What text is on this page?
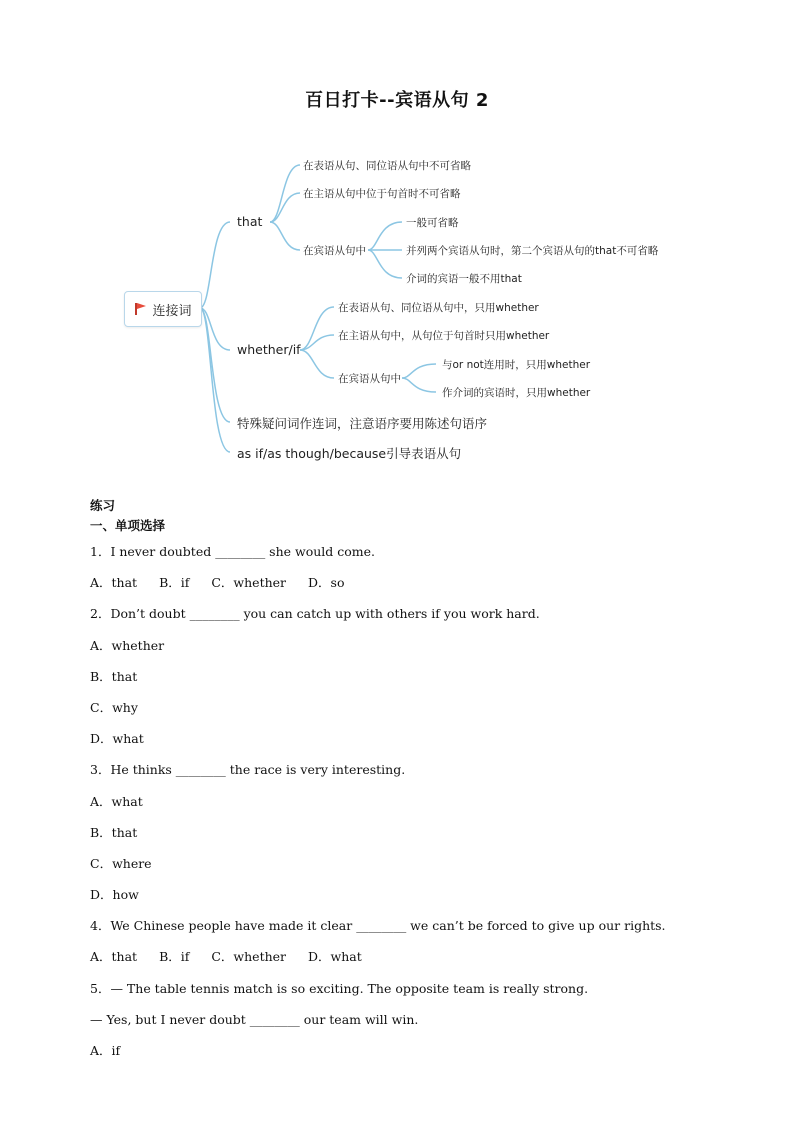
百日打卡--宾语从句 2
连接词
that
在表语从句、同位语从句中不可省略
在主语从句中位于句首时不可省略
在宾语从句中
一般可省略
并列两个宾语从句时，第二个宾语从句的that不可省略
介词的宾语一般不用that
whether/if
在表语从句、同位语从句中，只用whether
在主语从句中，从句位于句首时只用whether
在宾语从句中
与or not连用时，只用whether
作介词的宾语时，只用whether
特殊疑问词作连词，注意语序要用陈述句语序
as if/as though/because引导表语从句

练习

一、单项选择

1．I never doubted ________ she would come.

A．that B．if C．whether D．so

2．Don’t doubt ________ you can catch up with others if you work hard.

A．whether

B．that

C．why

D．what

3．He thinks ________ the race is very interesting.

A．what

B．that

C．where

D．how

4．We Chinese people have made it clear ________ we can’t be forced to give up our rights.

A．that B．if C．whether D．what

5．— The table tennis match is so exciting. The opposite team is really strong.

— Yes, but I never doubt ________ our team will win.

A．if
